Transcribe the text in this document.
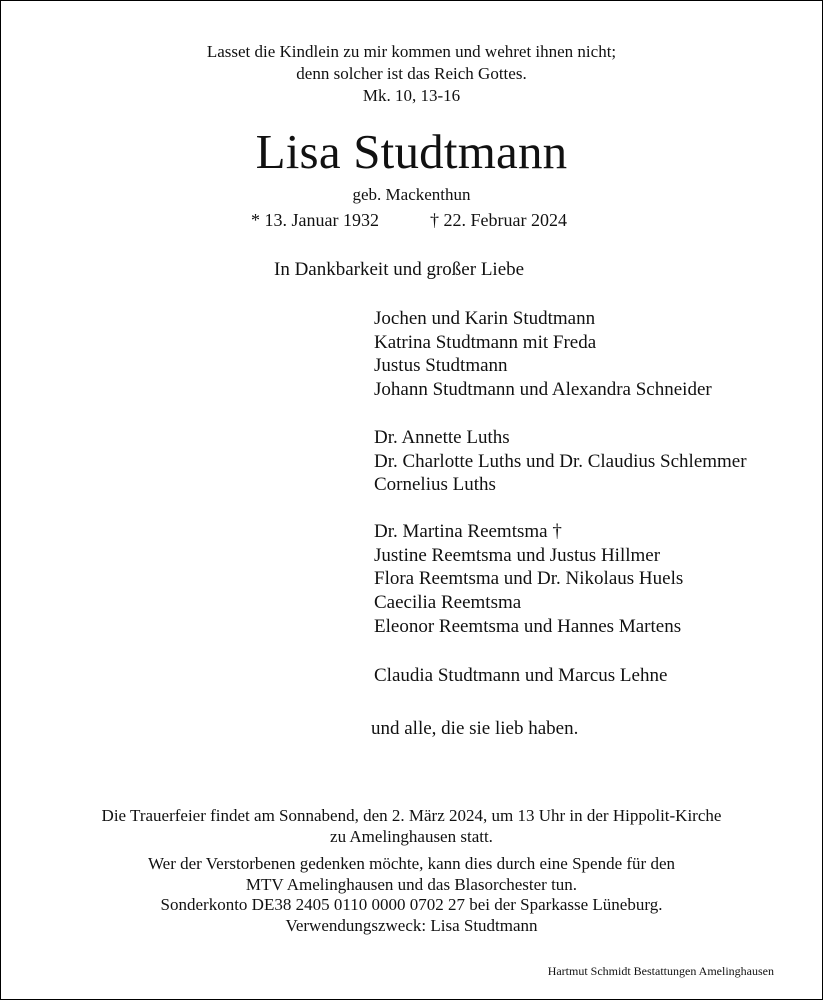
Lasset die Kindlein zu mir kommen und wehret ihnen nicht;
denn solcher ist das Reich Gottes.
Mk. 10, 13-16
Lisa Studtmann
geb. Mackenthun
* 13. Januar 1932	† 22. Februar 2024
In Dankbarkeit und großer Liebe
Jochen und Karin Studtmann
Katrina Studtmann mit Freda
Justus Studtmann
Johann Studtmann und Alexandra Schneider
Dr. Annette Luths
Dr. Charlotte Luths und Dr. Claudius Schlemmer
Cornelius Luths
Dr. Martina Reemtsma †
Justine Reemtsma und Justus Hillmer
Flora Reemtsma und Dr. Nikolaus Huels
Caecilia Reemtsma
Eleonor Reemtsma und Hannes Martens
Claudia Studtmann und Marcus Lehne
und alle, die sie lieb haben.
Die Trauerfeier findet am Sonnabend, den 2. März 2024, um 13 Uhr in der Hippolit-Kirche
zu Amelinghausen statt.
Wer der Verstorbenen gedenken möchte, kann dies durch eine Spende für den
MTV Amelinghausen und das Blasorchester tun.
Sonderkonto DE38 2405 0110 0000 0702 27 bei der Sparkasse Lüneburg.
Verwendungszweck: Lisa Studtmann
Hartmut Schmidt Bestattungen Amelinghausen
